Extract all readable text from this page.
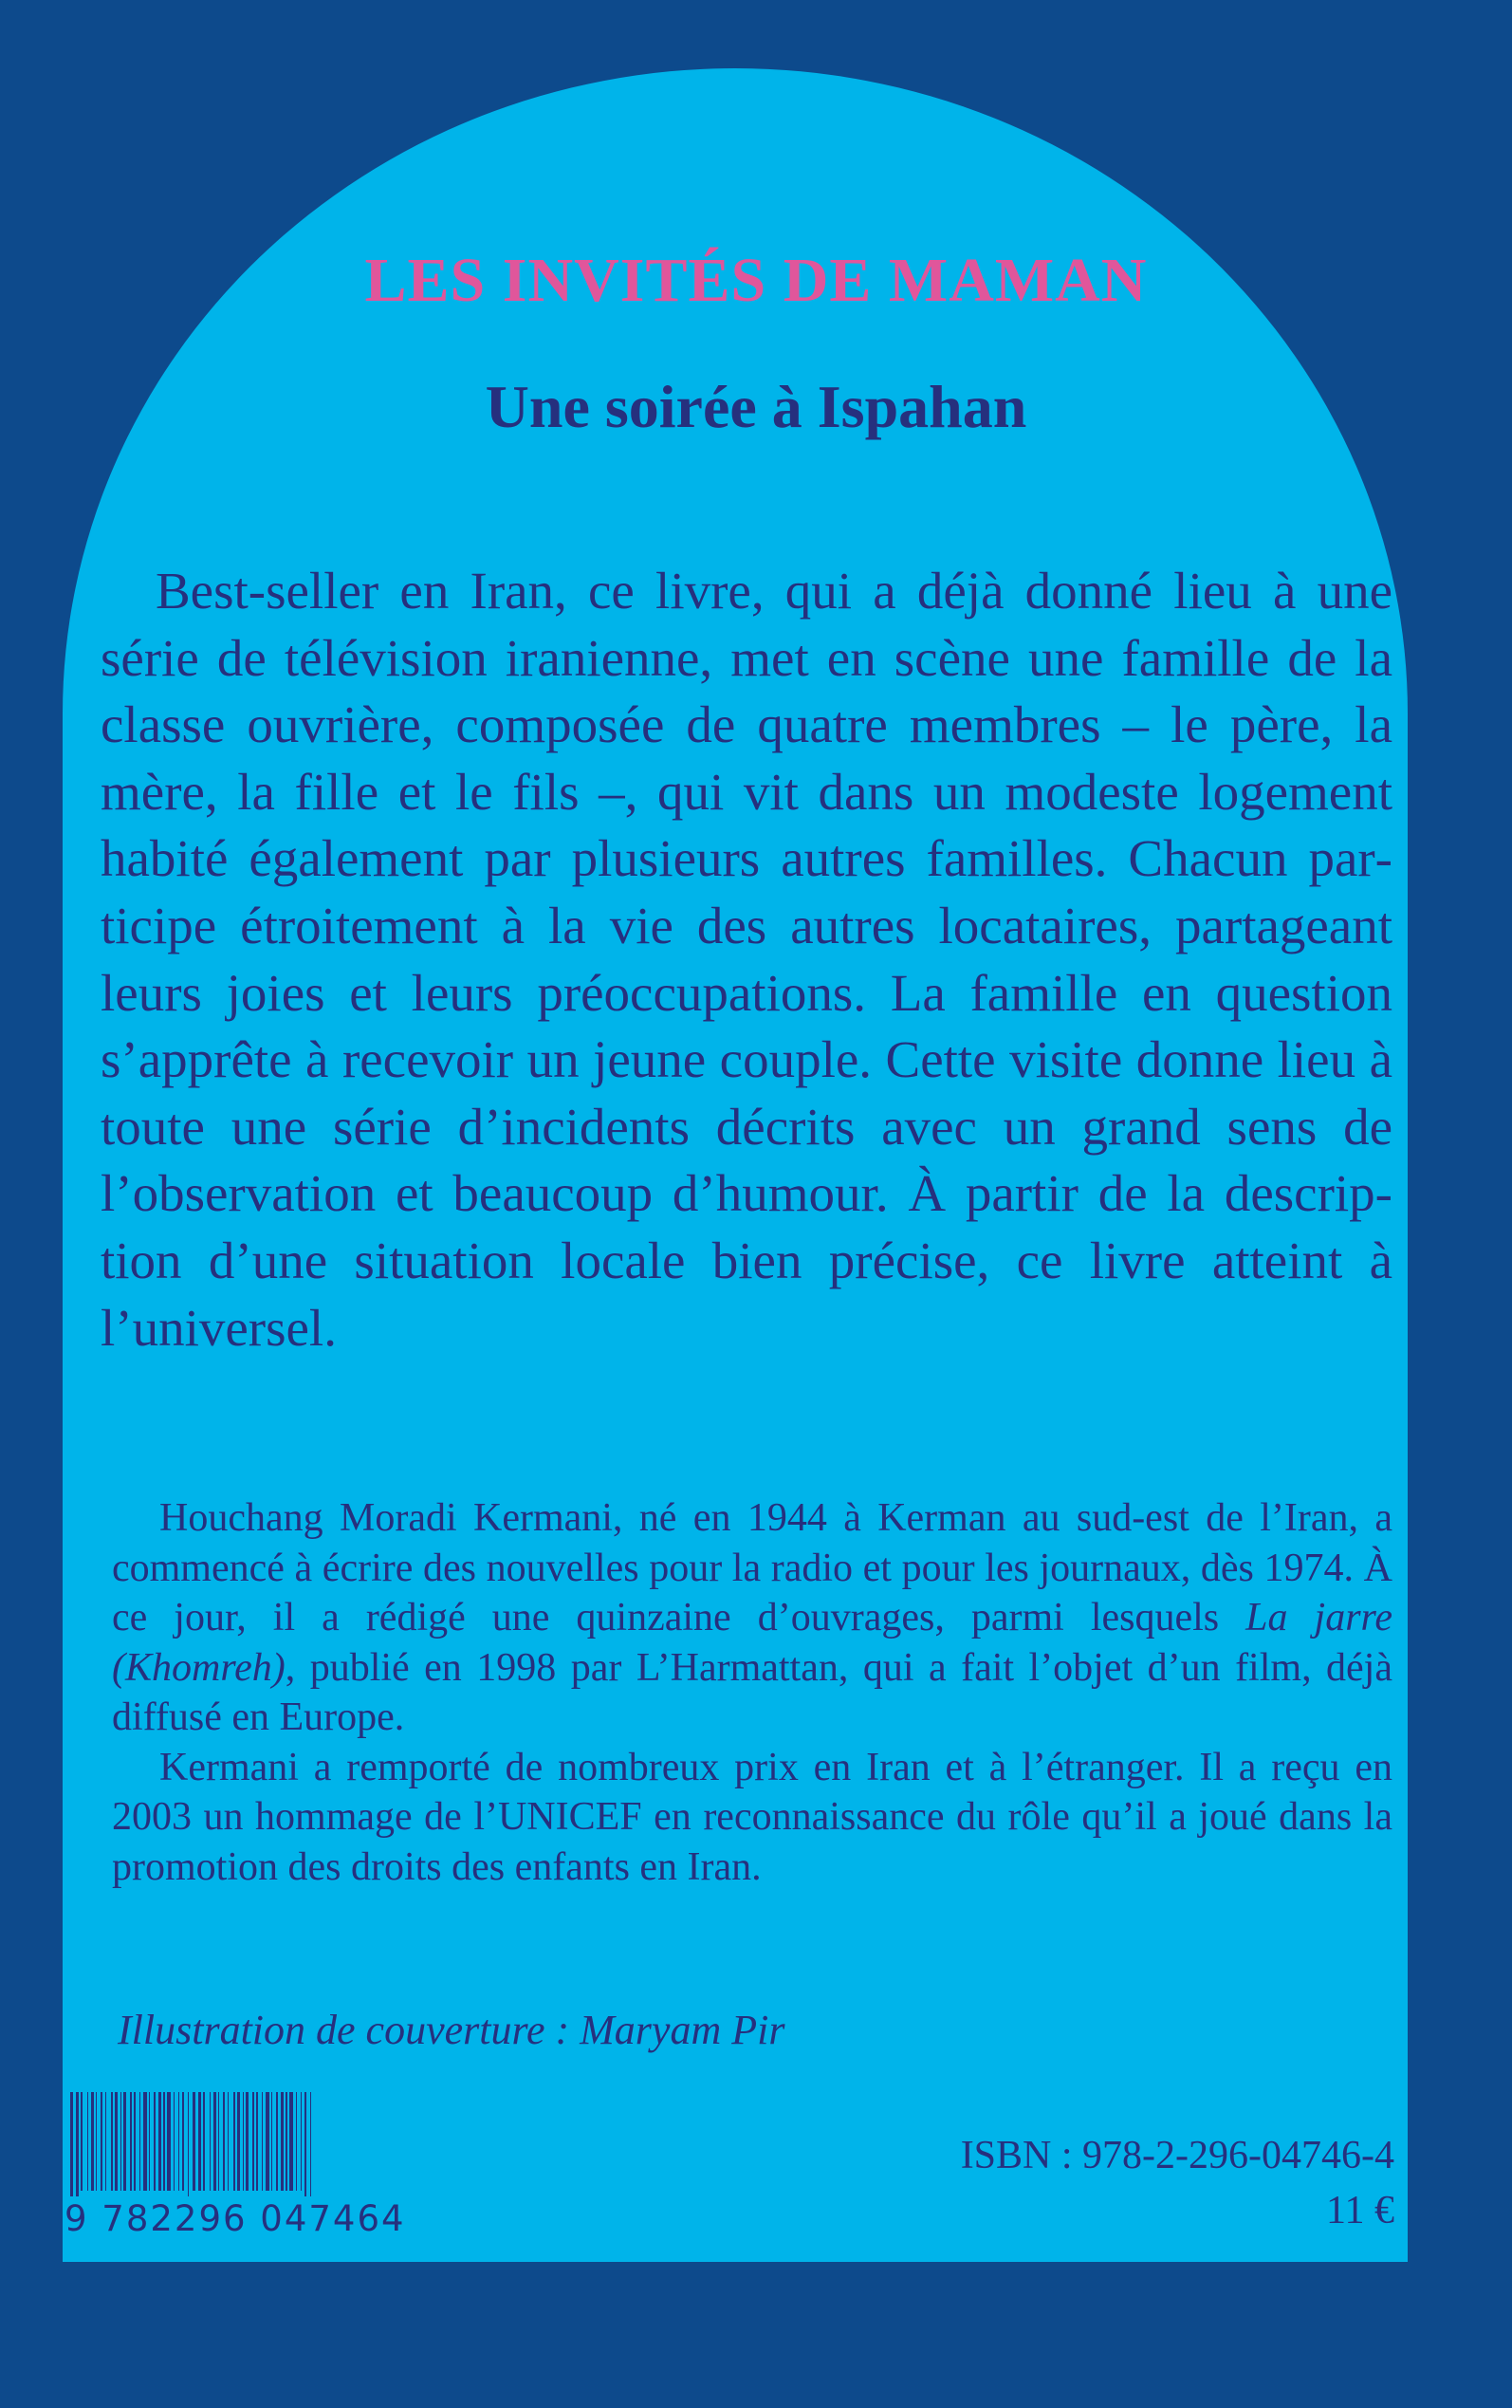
LES INVITÉS DE MAMAN
Une soirée à Ispahan

Best-seller en Iran, ce livre, qui a déjà donné lieu à une série de télévision iranienne, met en scène une famille de la classe ouvrière, composée de quatre membres – le père, la mère, la fille et le fils –, qui vit dans un modeste logement habité également par plusieurs autres familles. Chacun participe étroitement à la vie des autres locataires, partageant leurs joies et leurs préoccupations. La famille en question s’apprête à recevoir un jeune couple. Cette visite donne lieu à toute une série d’incidents décrits avec un grand sens de l’observation et beaucoup d’humour. À partir de la description d’une situation locale bien précise, ce livre atteint à l’universel.

Houchang Moradi Kermani, né en 1944 à Kerman au sud-est de l’Iran, a commencé à écrire des nouvelles pour la radio et pour les journaux, dès 1974. À ce jour, il a rédigé une quinzaine d’ouvrages, parmi lesquels La jarre (Khomreh), publié en 1998 par L’Harmattan, qui a fait l’objet d’un film, déjà diffusé en Europe.

Kermani a remporté de nombreux prix en Iran et à l’étranger. Il a reçu en 2003 un hommage de l’UNICEF en reconnaissance du rôle qu’il a joué dans la promotion des droits des enfants en Iran.

Illustration de couverture : Maryam Pir

9 782296 047464

ISBN : 978-2-296-04746-4

11 €
